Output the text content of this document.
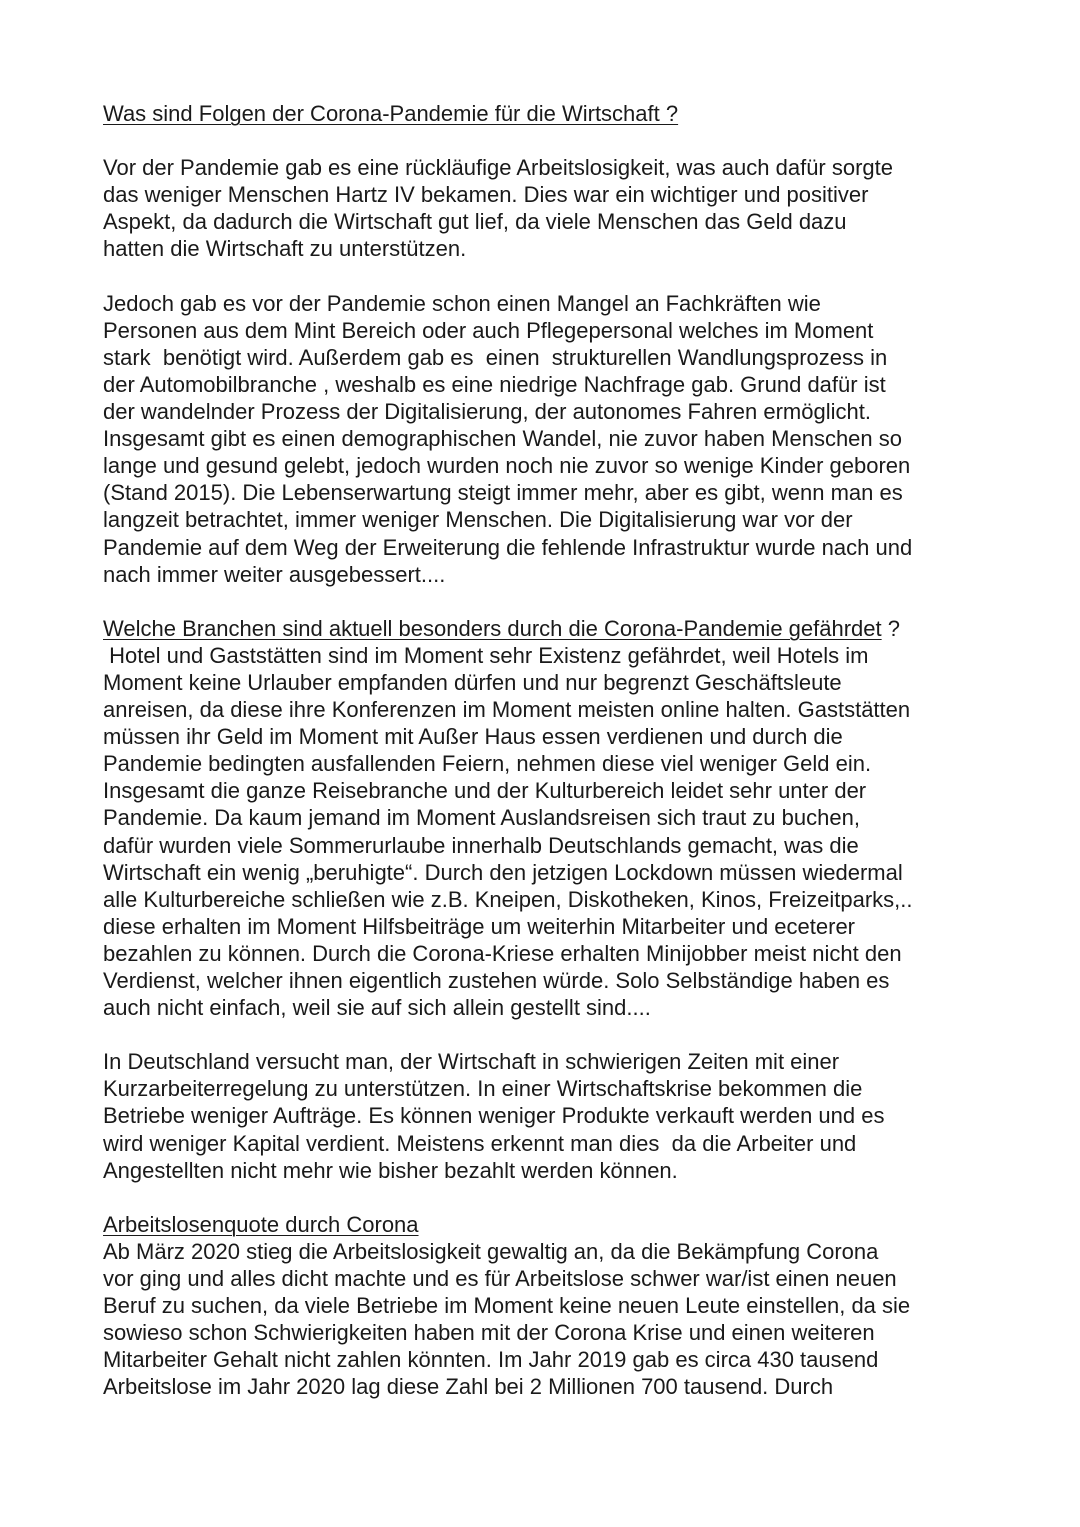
Was sind Folgen der Corona-Pandemie für die Wirtschaft ?
Vor der Pandemie gab es eine rückläufige Arbeitslosigkeit, was auch dafür sorgte
das weniger Menschen Hartz IV bekamen. Dies war ein wichtiger und positiver
Aspekt, da dadurch die Wirtschaft gut lief, da viele Menschen das Geld dazu
hatten die Wirtschaft zu unterstützen.
Jedoch gab es vor der Pandemie schon einen Mangel an Fachkräften wie
Personen aus dem Mint Bereich oder auch Pflegepersonal welches im Moment
stark  benötigt wird. Außerdem gab es  einen  strukturellen Wandlungsprozess in
der Automobilbranche , weshalb es eine niedrige Nachfrage gab. Grund dafür ist
der wandelnder Prozess der Digitalisierung, der autonomes Fahren ermöglicht.
Insgesamt gibt es einen demographischen Wandel, nie zuvor haben Menschen so
lange und gesund gelebt, jedoch wurden noch nie zuvor so wenige Kinder geboren
(Stand 2015). Die Lebenserwartung steigt immer mehr, aber es gibt, wenn man es
langzeit betrachtet, immer weniger Menschen. Die Digitalisierung war vor der
Pandemie auf dem Weg der Erweiterung die fehlende Infrastruktur wurde nach und
nach immer weiter ausgebessert....
Welche Branchen sind aktuell besonders durch die Corona-Pandemie gefährdet ?
Hotel und Gaststätten sind im Moment sehr Existenz gefährdet, weil Hotels im
Moment keine Urlauber empfanden dürfen und nur begrenzt Geschäftsleute
anreisen, da diese ihre Konferenzen im Moment meisten online halten. Gaststätten
müssen ihr Geld im Moment mit Außer Haus essen verdienen und durch die
Pandemie bedingten ausfallenden Feiern, nehmen diese viel weniger Geld ein.
Insgesamt die ganze Reisebranche und der Kulturbereich leidet sehr unter der
Pandemie. Da kaum jemand im Moment Auslandsreisen sich traut zu buchen,
dafür wurden viele Sommerurlaube innerhalb Deutschlands gemacht, was die
Wirtschaft ein wenig „beruhigte“. Durch den jetzigen Lockdown müssen wiedermal
alle Kulturbereiche schließen wie z.B. Kneipen, Diskotheken, Kinos, Freizeitparks,..
diese erhalten im Moment Hilfsbeiträge um weiterhin Mitarbeiter und eceterer
bezahlen zu können. Durch die Corona-Kriese erhalten Minijobber meist nicht den
Verdienst, welcher ihnen eigentlich zustehen würde. Solo Selbständige haben es
auch nicht einfach, weil sie auf sich allein gestellt sind....
In Deutschland versucht man, der Wirtschaft in schwierigen Zeiten mit einer
Kurzarbeiterregelung zu unterstützen. In einer Wirtschaftskrise bekommen die
Betriebe weniger Aufträge. Es können weniger Produkte verkauft werden und es
wird weniger Kapital verdient. Meistens erkennt man dies  da die Arbeiter und
Angestellten nicht mehr wie bisher bezahlt werden können.
Arbeitslosenquote durch Corona
Ab März 2020 stieg die Arbeitslosigkeit gewaltig an, da die Bekämpfung Corona
vor ging und alles dicht machte und es für Arbeitslose schwer war/ist einen neuen
Beruf zu suchen, da viele Betriebe im Moment keine neuen Leute einstellen, da sie
sowieso schon Schwierigkeiten haben mit der Corona Krise und einen weiteren
Mitarbeiter Gehalt nicht zahlen könnten. Im Jahr 2019 gab es circa 430 tausend
Arbeitslose im Jahr 2020 lag diese Zahl bei 2 Millionen 700 tausend. Durch
